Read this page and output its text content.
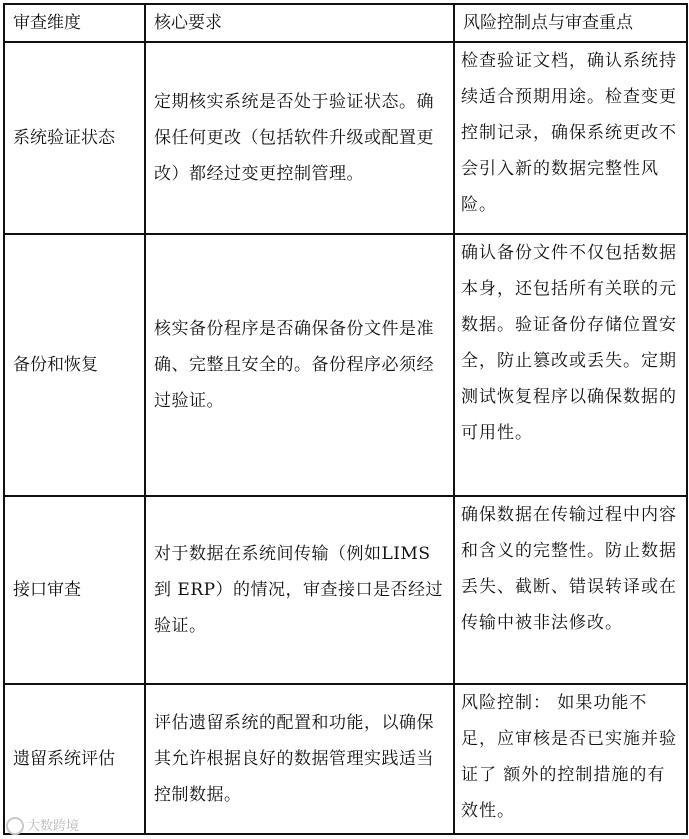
审查维度	核心要求	风险控制点与审查重点
系统验证状态	定期核实系统是否处于验证状态。确保任何更改（包括软件升级或配置更改）都经过变更控制管理。	检查验证文档，确认系统持续适合预期用途。检查变更控制记录，确保系统更改不会引入新的数据完整性风险。
备份和恢复	核实备份程序是否确保备份文件是准确、完整且安全的。备份程序必须经过验证。	确认备份文件不仅包括数据本身，还包括所有关联的元数据。验证备份存储位置安全，防止篡改或丢失。定期测试恢复程序以确保数据的可用性。
接口审查	对于数据在系统间传输（例如LIMS 到 ERP）的情况，审查接口是否经过验证。	确保数据在传输过程中内容和含义的完整性。防止数据丢失、截断、错误转译或在传输中被非法修改。
遗留系统评估	评估遗留系统的配置和功能，以确保其允许根据良好的数据管理实践适当控制数据。	风险控制： 如果功能不足，应审核是否已实施并验证了 额外的控制措施的有效性。
大数跨境
